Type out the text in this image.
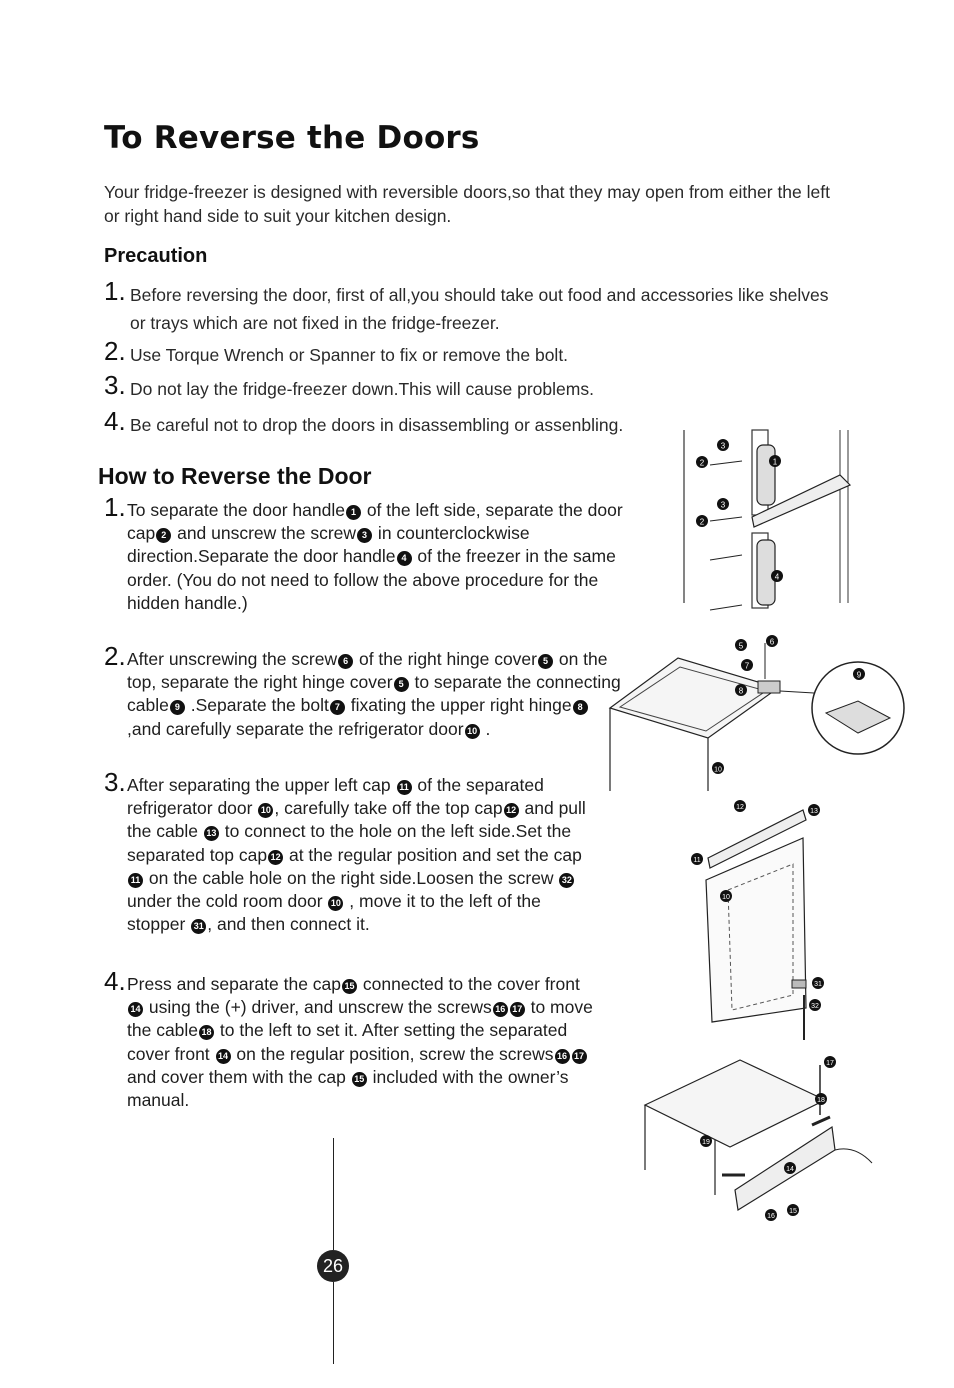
To Reverse the Doors
Your fridge-freezer is designed with reversible doors,so that they may open from either the left or right hand side to suit your kitchen design.
Precaution
1. Before reversing the door, first of all,you should take out food and accessories like shelves or trays which are not fixed in the fridge-freezer.
2. Use Torque Wrench or Spanner to fix or remove the bolt.
3. Do not lay the fridge-freezer down.This will cause problems.
4. Be careful not to drop the doors in disassembling or assenbling.
How to Reverse the Door
1. To separate the door handle 1 of the left side, separate the door cap 2 and unscrew the screw 3 in counterclockwise direction.Separate the door handle 4 of the freezer in the same order. (You do not need to follow the above procedure for the hidden handle.)
2. After unscrewing the screw 6 of the right hinge cover 5 on the top, separate the right hinge cover 5 to separate the connecting cable 9 .Separate the bolt 7 fixating the upper right hinge 8 ,and carefully separate the refrigerator door 10 .
3. After separating the upper left cap 11 of the separated refrigerator door 10 , carefully take off the top cap 12 and pull the cable 13 to connect to the hole on the left side.Set the separated top cap 12 at the regular position and set the cap 11 on the cable hole on the right side.Loosen the screw 32 under the cold room door 10 , move it to the left of the stopper 31 , and then connect it.
4. Press and separate the cap 15 connected to the cover front 14 using the (+) driver, and unscrew the screws 16 17 to move the cable 18 to the left to set it. After setting the separated cover front 14 on the regular position, screw the screws 16 17 and cover them with the cap 15 included with the owner’s manual.
3
1
2
3
2
4
5	6
7
8
9
10
12
13
11
10
31
32
17
18
19
14
16
15
26
